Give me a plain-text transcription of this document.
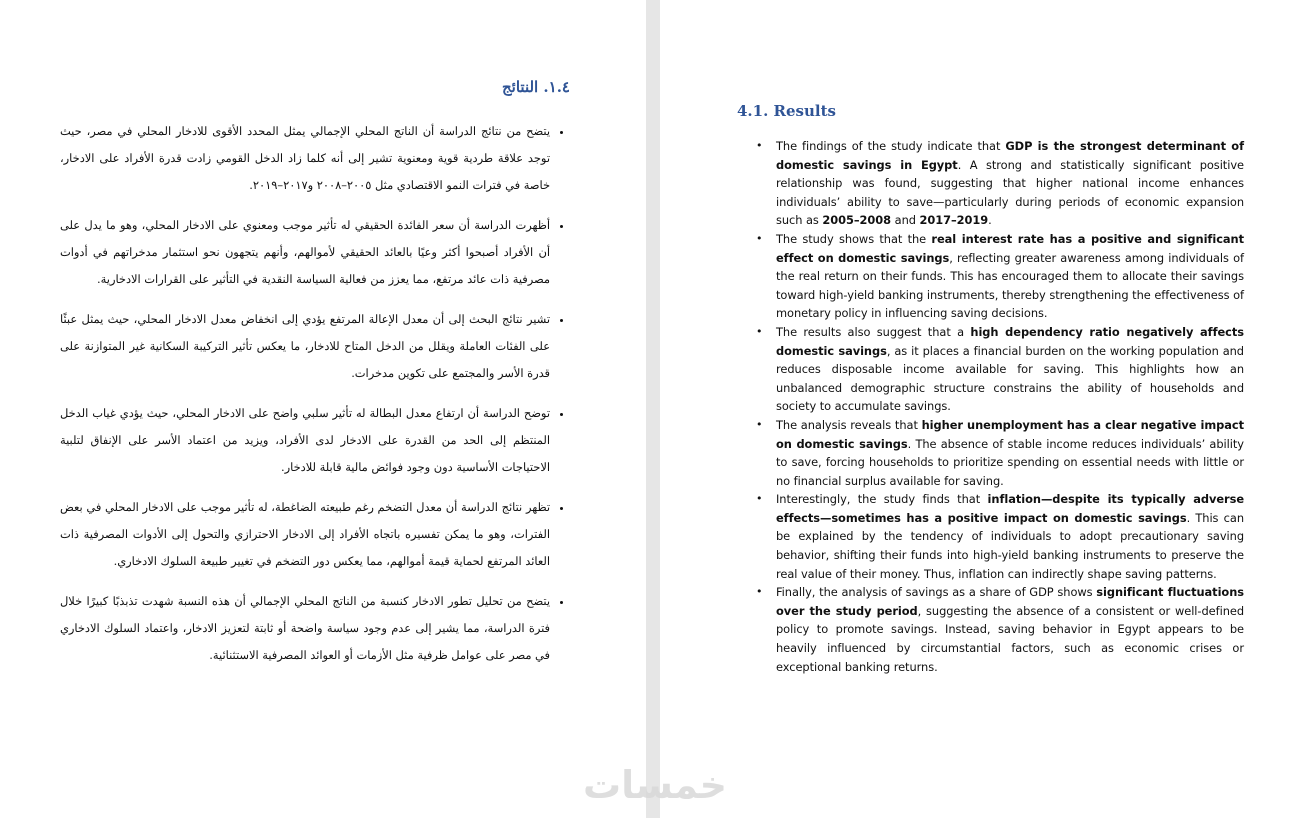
١.٤. النتائج
• يتضح من نتائج الدراسة أن الناتج المحلي الإجمالي يمثل المحدد الأقوى للادخار المحلي في مصر، حيث توجد علاقة طردية قوية ومعنوية تشير إلى أنه كلما زاد الدخل القومي زادت قدرة الأفراد على الادخار، خاصة في فترات النمو الاقتصادي مثل ٢٠٠٥–٢٠٠٨ و٢٠١٧–٢٠١٩.
• أظهرت الدراسة أن سعر الفائدة الحقيقي له تأثير موجب ومعنوي على الادخار المحلي، وهو ما يدل على أن الأفراد أصبحوا أكثر وعيًا بالعائد الحقيقي لأموالهم، وأنهم يتجهون نحو استثمار مدخراتهم في أدوات مصرفية ذات عائد مرتفع، مما يعزز من فعالية السياسة النقدية في التأثير على القرارات الادخارية.
• تشير نتائج البحث إلى أن معدل الإعالة المرتفع يؤدي إلى انخفاض معدل الادخار المحلي، حيث يمثل عبئًا على الفئات العاملة ويقلل من الدخل المتاح للادخار، ما يعكس تأثير التركيبة السكانية غير المتوازنة على قدرة الأسر والمجتمع على تكوين مدخرات.
• توضح الدراسة أن ارتفاع معدل البطالة له تأثير سلبي واضح على الادخار المحلي، حيث يؤدي غياب الدخل المنتظم إلى الحد من القدرة على الادخار لدى الأفراد، ويزيد من اعتماد الأسر على الإنفاق لتلبية الاحتياجات الأساسية دون وجود فوائض مالية قابلة للادخار.
• تظهر نتائج الدراسة أن معدل التضخم رغم طبيعته الضاغطة، له تأثير موجب على الادخار المحلي في بعض الفترات، وهو ما يمكن تفسيره باتجاه الأفراد إلى الادخار الاحترازي والتحول إلى الأدوات المصرفية ذات العائد المرتفع لحماية قيمة أموالهم، مما يعكس دور التضخم في تغيير طبيعة السلوك الادخاري.
• يتضح من تحليل تطور الادخار كنسبة من الناتج المحلي الإجمالي أن هذه النسبة شهدت تذبذبًا كبيرًا خلال فترة الدراسة، مما يشير إلى عدم وجود سياسة واضحة أو ثابتة لتعزيز الادخار، واعتماد السلوك الادخاري في مصر على عوامل ظرفية مثل الأزمات أو العوائد المصرفية الاستثنائية.
4.1. Results
• The findings of the study indicate that GDP is the strongest determinant of domestic savings in Egypt. A strong and statistically significant positive relationship was found, suggesting that higher national income enhances individuals’ ability to save—particularly during periods of economic expansion such as 2005–2008 and 2017–2019.
• The study shows that the real interest rate has a positive and significant effect on domestic savings, reflecting greater awareness among individuals of the real return on their funds. This has encouraged them to allocate their savings toward high-yield banking instruments, thereby strengthening the effectiveness of monetary policy in influencing saving decisions.
• The results also suggest that a high dependency ratio negatively affects domestic savings, as it places a financial burden on the working population and reduces disposable income available for saving. This highlights how an unbalanced demographic structure constrains the ability of households and society to accumulate savings.
• The analysis reveals that higher unemployment has a clear negative impact on domestic savings. The absence of stable income reduces individuals’ ability to save, forcing households to prioritize spending on essential needs with little or no financial surplus available for saving.
• Interestingly, the study finds that inflation—despite its typically adverse effects—sometimes has a positive impact on domestic savings. This can be explained by the tendency of individuals to adopt precautionary saving behavior, shifting their funds into high-yield banking instruments to preserve the real value of their money. Thus, inflation can indirectly shape saving patterns.
• Finally, the analysis of savings as a share of GDP shows significant fluctuations over the study period, suggesting the absence of a consistent or well-defined policy to promote savings. Instead, saving behavior in Egypt appears to be heavily influenced by circumstantial factors, such as economic crises or exceptional banking returns.
خمسات
